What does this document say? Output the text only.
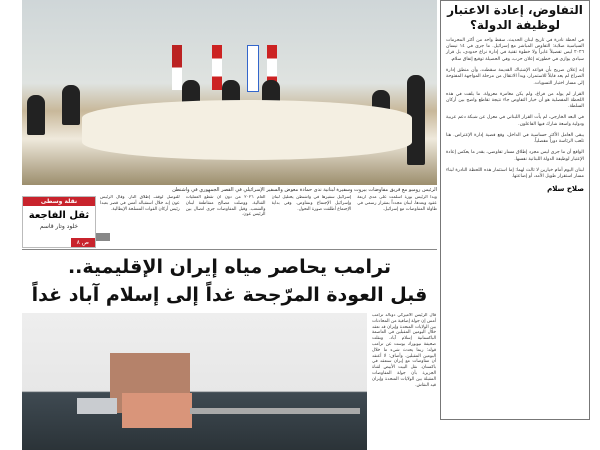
الرئيس رومبو مع فريق مفاوضات بيروت وسفيرة لبنانية ندى حمادة معوض والسفير الإسرائيلي في القصر الجمهوري في واشنطن
التفاوض، إعادة الاعتبار لوظيفة الدولة؟

في لحظة نادرة في تاريخ لبنان الحديث، سقط واحد من أكثر المحرمات السياسية صلابة: التفاوض المباشر مع إسرائيل. ما جرى في ١٤ نيسان ٢٠٢٦ ليس تفصيلاً عابراً ولا خطوة تقنية في إدارة نزاع حدودي، بل قرار سيادي يوازي في خطورته إعلان حرب، وفي الحصيلة توقيع إتفاق سلام.

إنه إعلان صريح بأن قواعد الإشتباك القديمة سقطت، وأن منطق إدارة الصراع لم يعد قابلاً للاستمرار، وبدأ الانتقال من مرحلة المواجهة المفتوحة إلى مسار اختبار التسويات.

القرار لم يولد من فراغ، ولم يكن مغامرة معزولة. ما يلفت في هذه اللحظة المفصلية هو أن خيار التفاوض جاء نتيجة تقاطع واضح بين أركان السلطة.

في البعد الخارجي، لم يأت القرار اللبناني في معزل عن شبكة دعم عربية ودولية واسعة شارك فيها الفاعلون.

يبقى العامل الأكثر حساسية في الداخل، وقع قضية إدارة الإعتراض. هنا تلعب الرئاسة دوراً مفصلياً.

الواقع أن ما جرى ليس مجرد إطلاق مسار تفاوضي، بقدر ما يعكس إعادة الإعتبار لوظيفة الدولة اللبنانية نفسها.

لبنان اليوم أمام خيارين لا ثالث لهما: إما استثمار هذه اللحظة النادرة لبناء مسار استقرار طويل الأمد، أو إضاعتها.

صلاح سلام
نقلة وسطى
ثقل الفاجعة
خلود وتار قاسم
ص ٨
وبدأ الرئيس بورة أسلمت على مدى أربعة عقود وبعدها، لبنان مجدداً بمقرار رسمي في طاولة المفاوضات مع إسرائيل.
إسرائيل سفيرها في واشنطن يحتليل لبنان وإسرائيل الإجتماع ونتفاوض. وفي بداية الإجتماع أطلقت صورة التحول.
العام ٢٠٢٦ من دون أن تقطع العمليات القتالية. ووصلت مصالح متقاطعة لبنان والشعب. وقبل المفاوضات جرى اتصال بين الرئيس عون.
للتوصل لوقف إطلاق النار. وقال الرئيس عون إنه خلال استقباله أمس في قصر بعبدا رئيس أركان القوات المسلحة الإيطالية.
ترامب يحاصر مياه إيران الإقليمية..
قبل العودة المرّجحة غداً إلى إسلام آباد غداً
قال الرئيس الأميركي دونالد ترامب أمس إن جولة إضافية من المحادثات بين الولايات المتحدة وإيران قد تعقد خلال اليومين المقبلين في العاصمة الباكستانية إسلام آباد. ونقلت صحيفة نيويورك بوست عن ترامب قوله: ربما يحدث شيء ما خلال اليومين المقبلين. وأضاف: لا أعتقد أن مفاوضات مع إيران ستعقد في باكستان. نقل البيت الأبيض لقناة الجزيرة بأن جولة المفاوضات المقبلة بين الولايات المتحدة وإيران قيد النقاش.
